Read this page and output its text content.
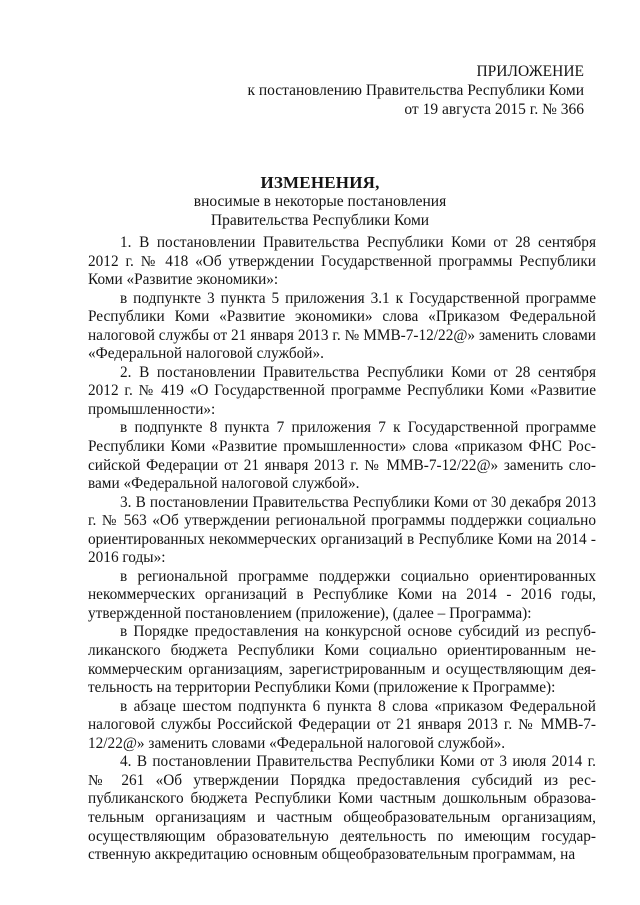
ПРИЛОЖЕНИЕ
к постановлению Правительства Республики Коми
от 19 августа 2015 г. № 366
ИЗМЕНЕНИЯ,
вносимые в некоторые постановления
Правительства Республики Коми

1. В постановлении Правительства Республики Коми от 28 сентября 2012 г. № 418 «Об утверждении Государственной программы Республики Коми «Развитие экономики»:

в подпункте 3 пункта 5 приложения 3.1 к Государственной программе Республики Коми «Развитие экономики» слова «Приказом Федеральной налоговой службы от 21 января 2013 г. № ММВ-7-12/22@» заменить словами «Федеральной налоговой службой».

2. В постановлении Правительства Республики Коми от 28 сентября 2012 г. № 419 «О Государственной программе Республики Коми «Развитие промышленности»:

в подпункте 8 пункта 7 приложения 7 к Государственной программе Республики Коми «Развитие промышленности» слова «приказом ФНС Российской Федерации от 21 января 2013 г. № ММВ-7-12/22@» заменить словами «Федеральной налоговой службой».

3. В постановлении Правительства Республики Коми от 30 декабря 2013 г. № 563 «Об утверждении региональной программы поддержки социально ориентированных некоммерческих организаций в Республике Коми на 2014 - 2016 годы»:

в региональной программе поддержки социально ориентированных некоммерческих организаций в Республике Коми на 2014 - 2016 годы, утвержденной постановлением (приложение), (далее – Программа):

в Порядке предоставления на конкурсной основе субсидий из республиканского бюджета Республики Коми социально ориентированным некоммерческим организациям, зарегистрированным и осуществляющим деятельность на территории Республики Коми (приложение к Программе):

в абзаце шестом подпункта 6 пункта 8 слова «приказом Федеральной налоговой службы Российской Федерации от 21 января 2013 г. № ММВ-7-12/22@» заменить словами «Федеральной налоговой службой».

4. В постановлении Правительства Республики Коми от 3 июля 2014 г. № 261 «Об утверждении Порядка предоставления субсидий из республиканского бюджета Республики Коми частным дошкольным образовательным организациям и частным общеобразовательным организациям, осуществляющим образовательную деятельность по имеющим государственную аккредитацию основным общеобразовательным программам, на
